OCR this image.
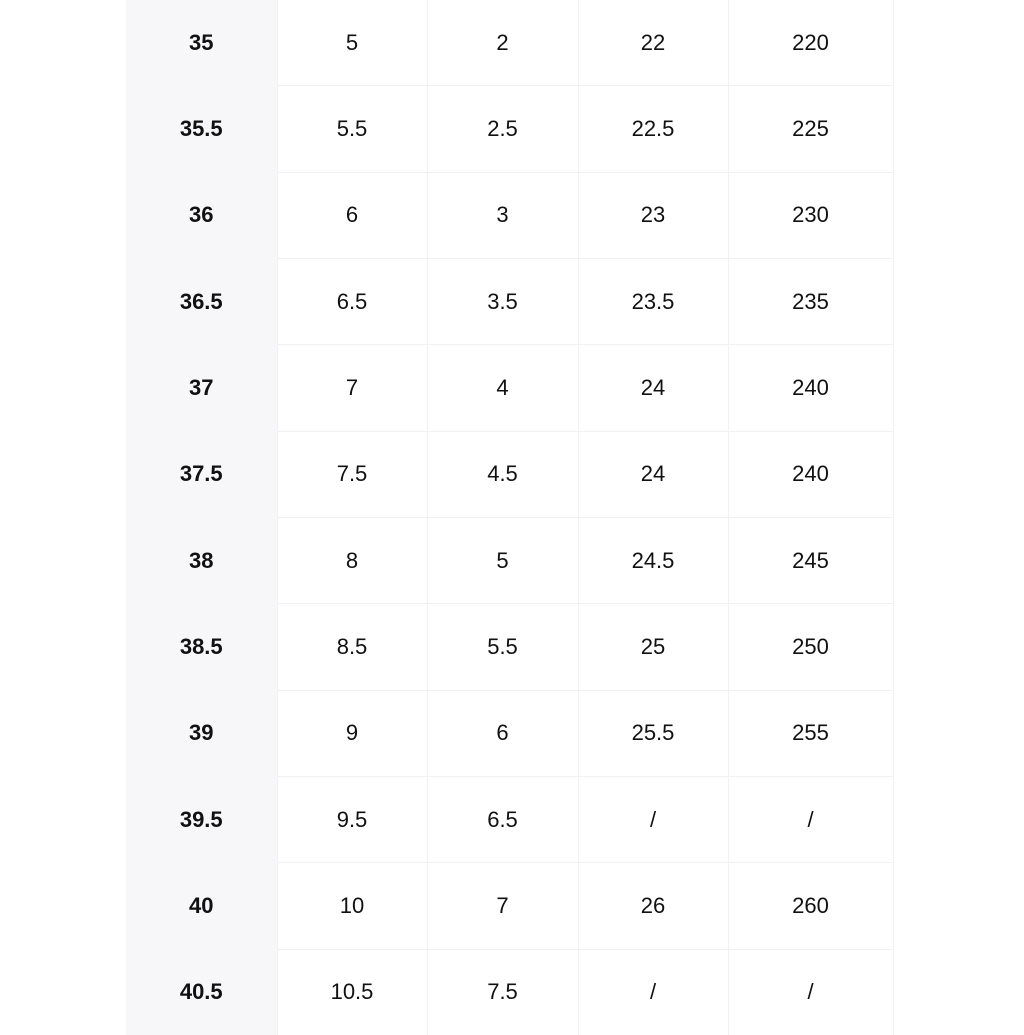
35	5	2	22	220
35.5	5.5	2.5	22.5	225
36	6	3	23	230
36.5	6.5	3.5	23.5	235
37	7	4	24	240
37.5	7.5	4.5	24	240
38	8	5	24.5	245
38.5	8.5	5.5	25	250
39	9	6	25.5	255
39.5	9.5	6.5	/	/
40	10	7	26	260
40.5	10.5	7.5	/	/
